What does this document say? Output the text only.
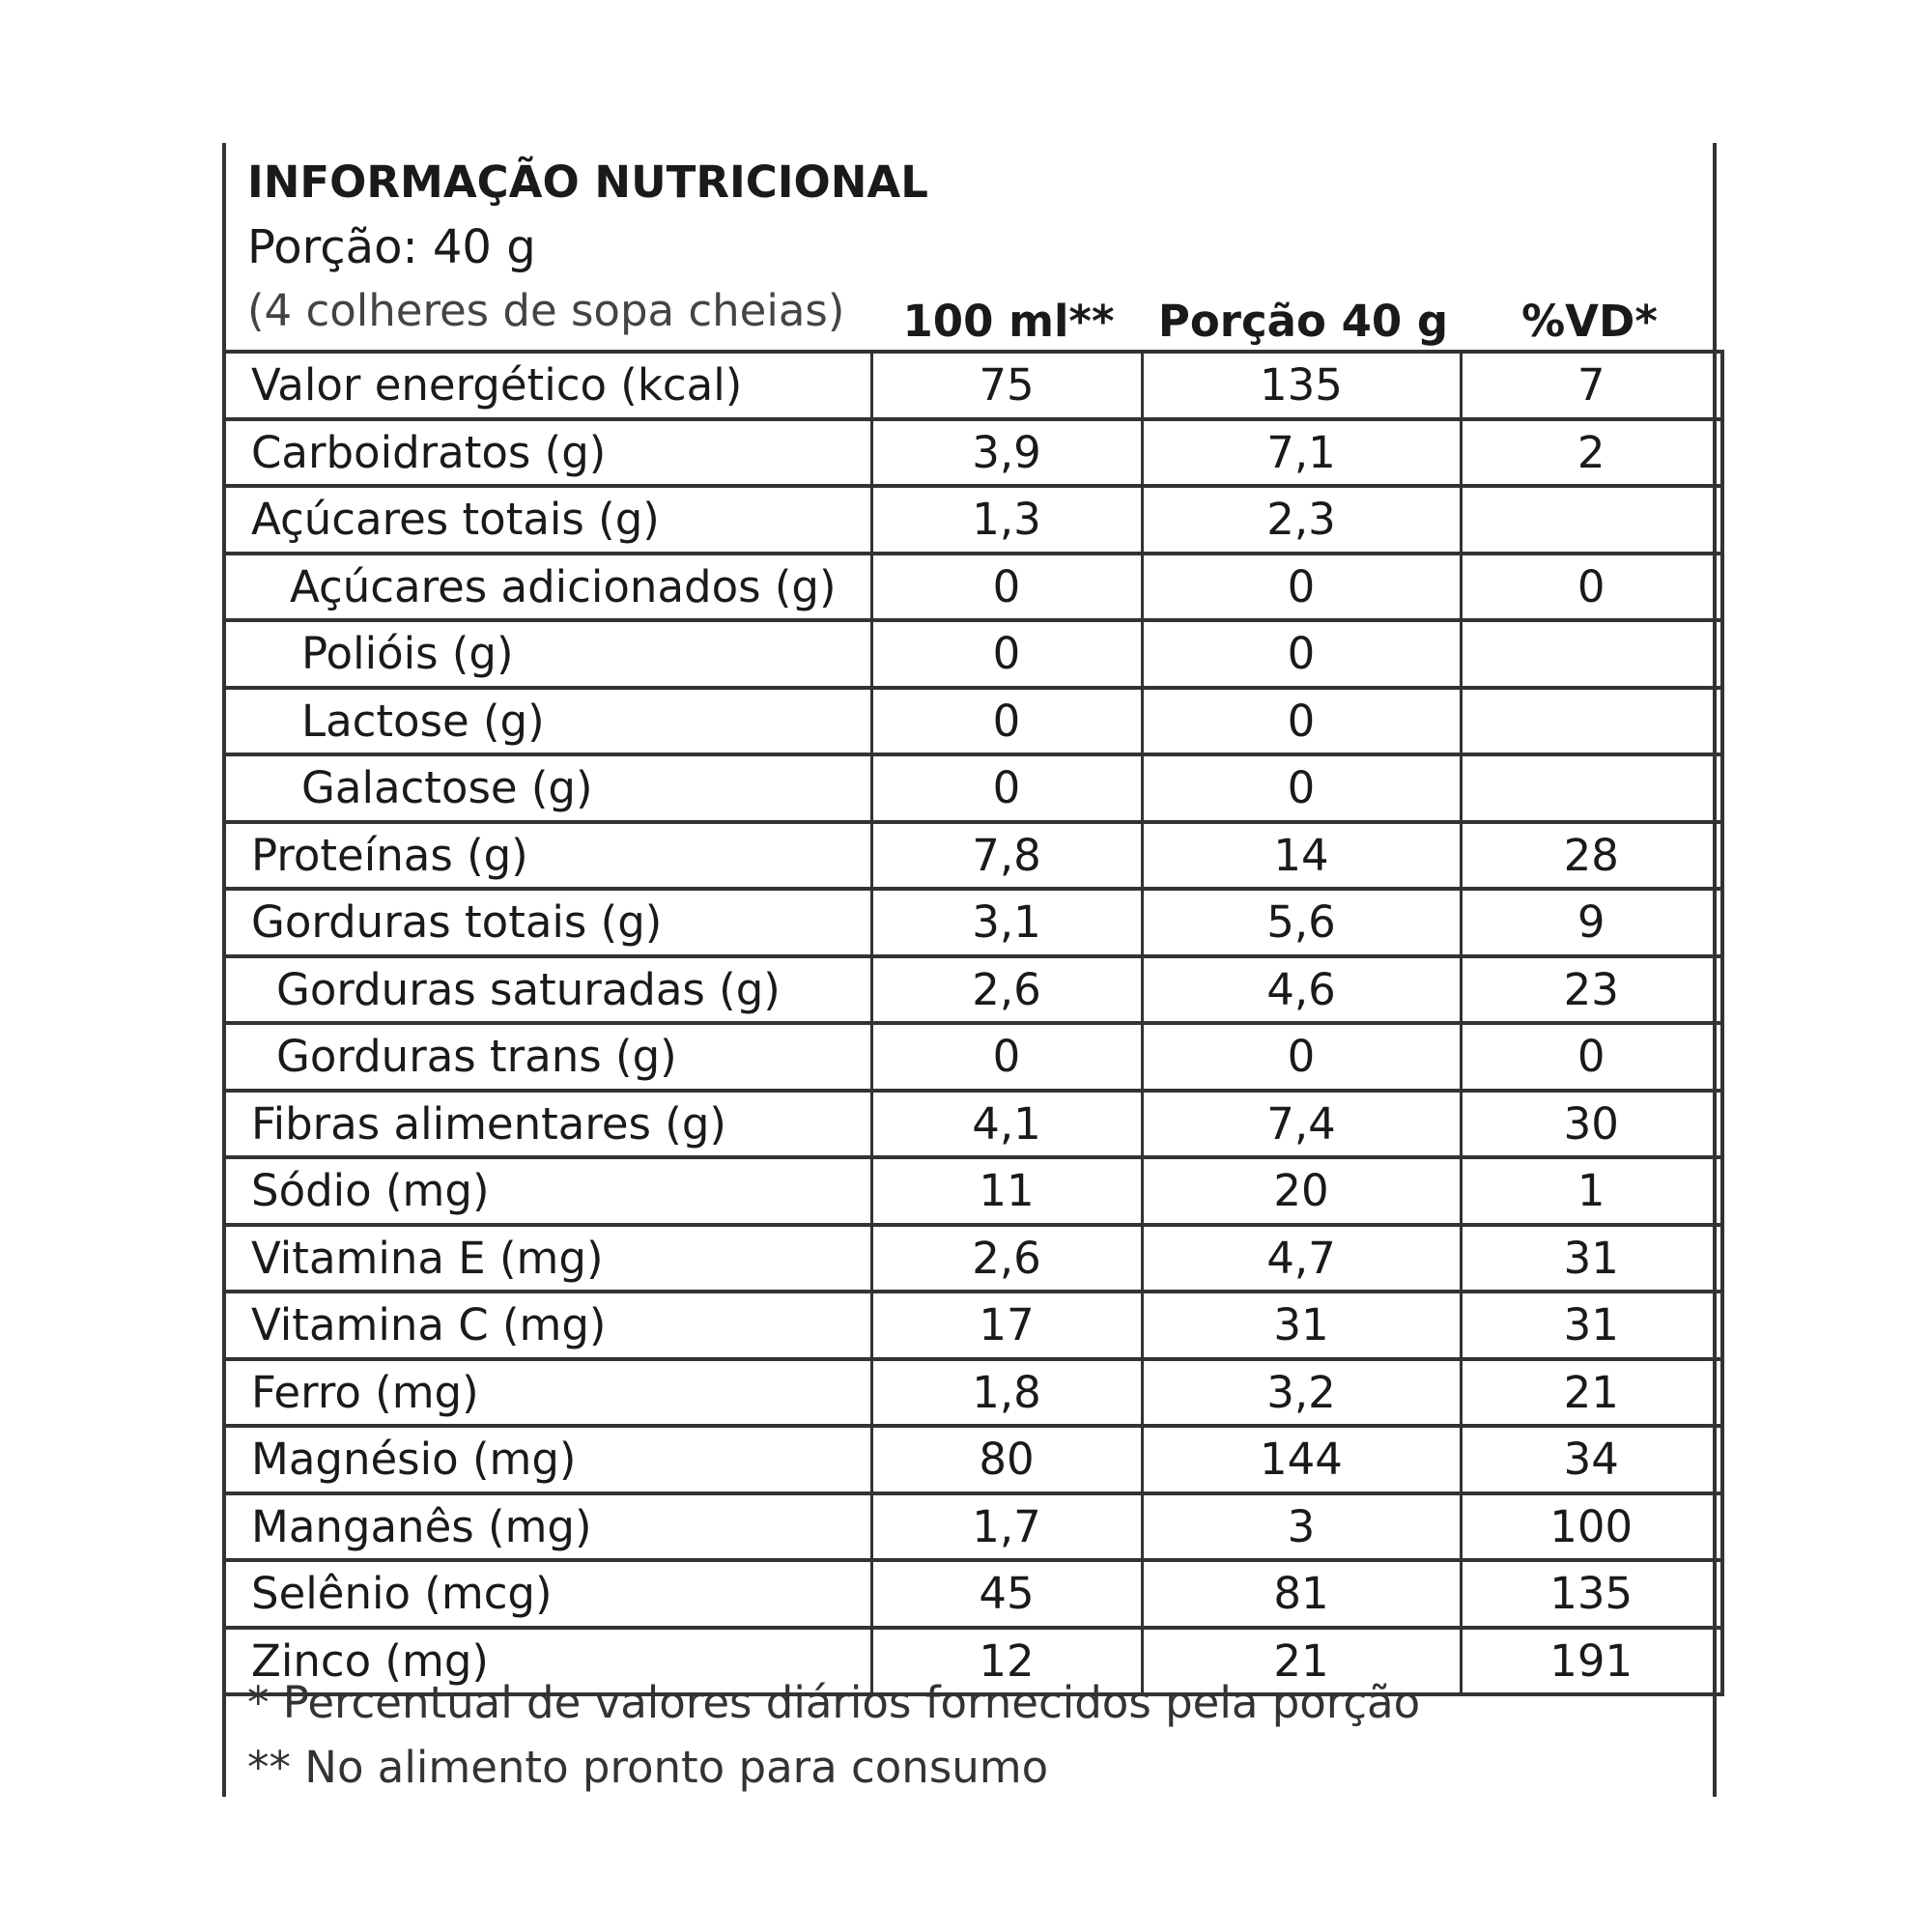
INFORMAÇÃO NUTRICIONAL
Porção: 40 g
(4 colheres de sopa cheias)	100 ml**	Porção 40 g	%VD*
Valor energético (kcal)	75	135	7
Carboidratos (g)	3,9	7,1	2
Açúcares totais (g)	1,3	2,3	
Açúcares adicionados (g)	0	0	0
Polióis (g)	0	0	
Lactose (g)	0	0	
Galactose (g)	0	0	
Proteínas (g)	7,8	14	28
Gorduras totais (g)	3,1	5,6	9
Gorduras saturadas (g)	2,6	4,6	23
Gorduras trans (g)	0	0	0
Fibras alimentares (g)	4,1	7,4	30
Sódio (mg)	11	20	1
Vitamina E (mg)	2,6	4,7	31
Vitamina C (mg)	17	31	31
Ferro (mg)	1,8	3,2	21
Magnésio (mg)	80	144	34
Manganês (mg)	1,7	3	100
Selênio (mcg)	45	81	135
Zinco (mg)	12	21	191
* Percentual de valores diários fornecidos pela porção
** No alimento pronto para consumo
